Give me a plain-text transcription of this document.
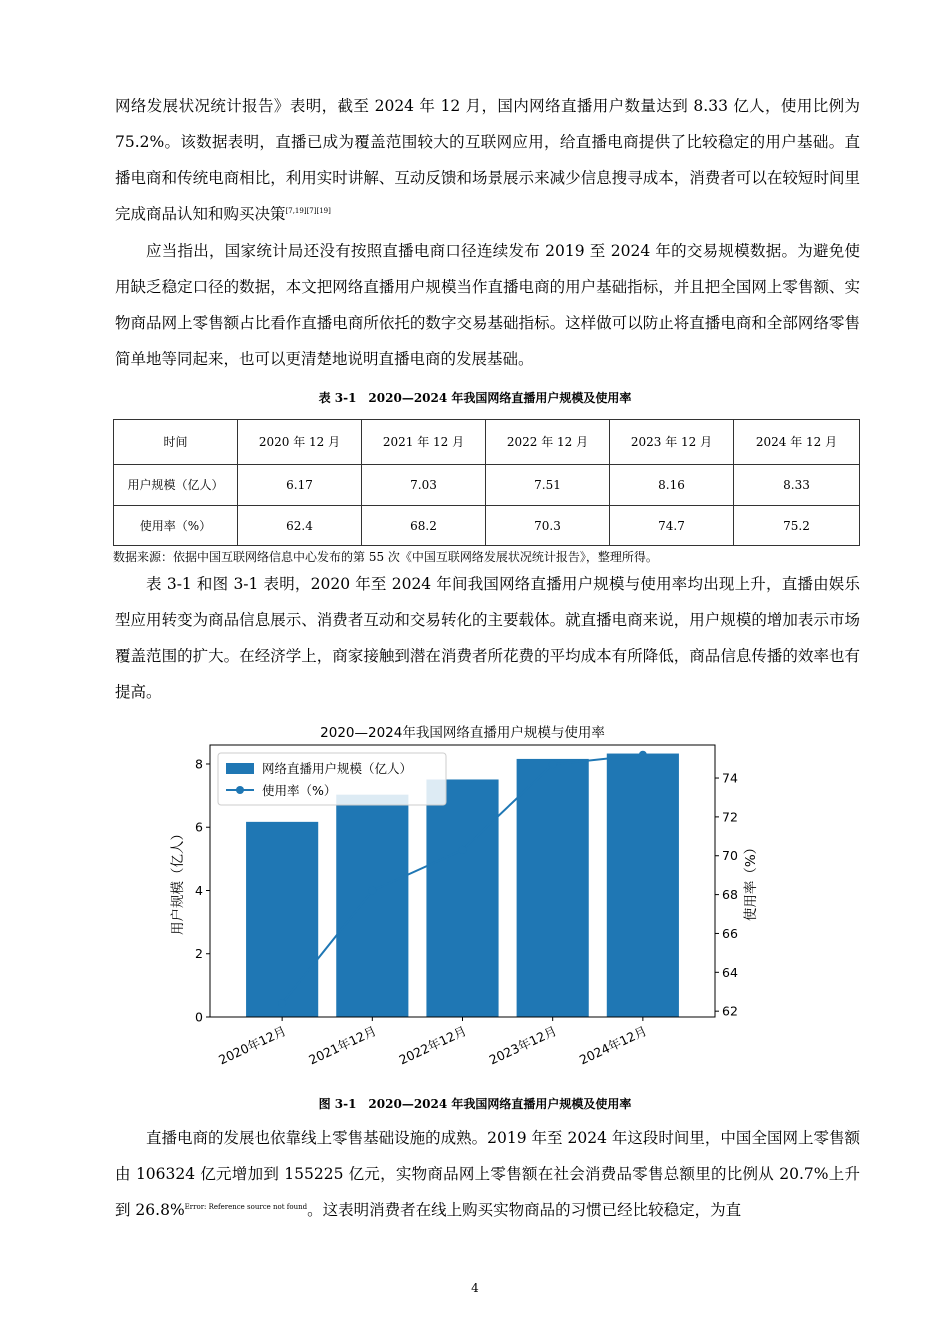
网络发展状况统计报告》表明，截至 2024 年 12 月，国内网络直播用户数量达到 8.33 亿人，使用比例为 75.2%。该数据表明，直播已成为覆盖范围较大的互联网应用，给直播电商提供了比较稳定的用户基础。直播电商和传统电商相比，利用实时讲解、互动反馈和场景展示来减少信息搜寻成本，消费者可以在较短时间里完成商品认知和购买决策[7,19][7][19]

应当指出，国家统计局还没有按照直播电商口径连续发布 2019 至 2024 年的交易规模数据。为避免使用缺乏稳定口径的数据，本文把网络直播用户规模当作直播电商的用户基础指标，并且把全国网上零售额、实物商品网上零售额占比看作直播电商所依托的数字交易基础指标。这样做可以防止将直播电商和全部网络零售简单地等同起来，也可以更清楚地说明直播电商的发展基础。

表 3-1　2020—2024 年我国网络直播用户规模及使用率

时间	2020 年 12 月	2021 年 12 月	2022 年 12 月	2023 年 12 月	2024 年 12 月
用户规模（亿人）	6.17	7.03	7.51	8.16	8.33
使用率（%）	62.4	68.2	70.3	74.7	75.2

数据来源：依据中国互联网络信息中心发布的第 55 次《中国互联网络发展状况统计报告》，整理所得。

表 3-1 和图 3-1 表明，2020 年至 2024 年间我国网络直播用户规模与使用率均出现上升，直播由娱乐型应用转变为商品信息展示、消费者互动和交易转化的主要载体。就直播电商来说，用户规模的增加表示市场覆盖范围的扩大。在经济学上，商家接触到潜在消费者所花费的平均成本有所降低，商品信息传播的效率也有提高。

2020—2024年我国网络直播用户规模与使用率
0
2
4
6
8
62
64
66
68
70
72
74
2020年12月 2021年12月 2022年12月 2023年12月 2024年12月
用户规模（亿人）	使用率（%）
网络直播用户规模（亿人）
使用率（%）

图 3-1　2020—2024 年我国网络直播用户规模及使用率

直播电商的发展也依靠线上零售基础设施的成熟。2019 年至 2024 年这段时间里，中国全国网上零售额由 106324 亿元增加到 155225 亿元，实物商品网上零售额在社会消费品零售总额里的比例从 20.7%上升到 26.8%$^{Error: Reference source not found}$。这表明消费者在线上购买实物商品的习惯已经比较稳定，为直

4
